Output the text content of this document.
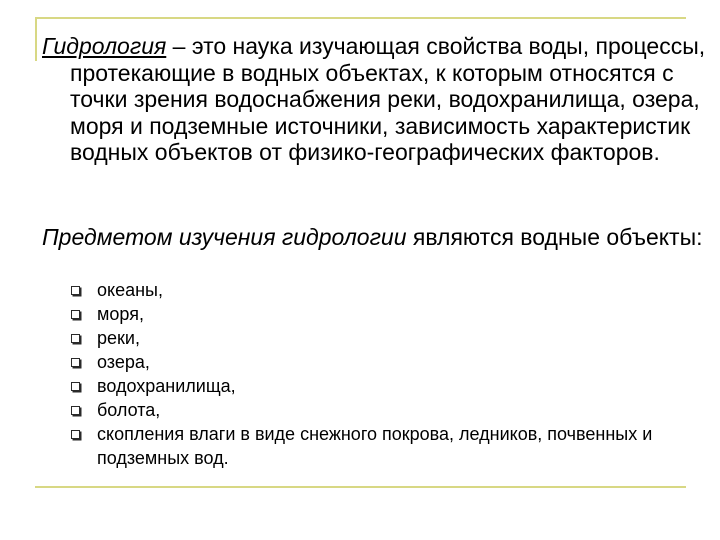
Гидрология – это наука изучающая свойства воды, процессы, протекающие в водных объектах, к которым относятся с точки зрения водоснабжения реки, водохранилища, озера, моря и подземные источники, зависимость характеристик водных объектов от физико-географических факторов.

Предметом изучения гидрологии являются водные объекты:

океаны,
моря,
реки,
озера,
водохранилища,
болота,
скопления влаги в виде снежного покрова, ледников, почвенных и подземных вод.
